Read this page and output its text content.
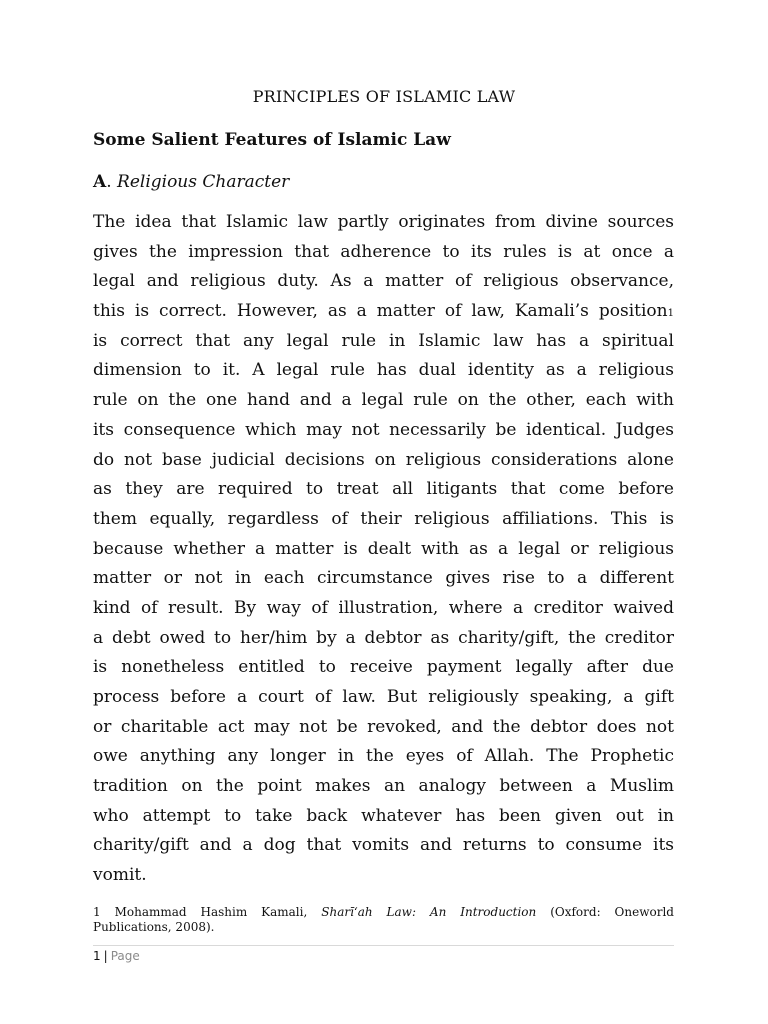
PRINCIPLES OF ISLAMIC LAW
Some Salient Features of Islamic Law
A. Religious Character
The idea that Islamic law partly originates from divine sources
gives the impression that adherence to its rules is at once a
legal and religious duty. As a matter of religious observance,
this is correct. However, as a matter of law, Kamali’s position$^1$
is correct that any legal rule in Islamic law has a spiritual
dimension to it. A legal rule has dual identity as a religious
rule on the one hand and a legal rule on the other, each with
its consequence which may not necessarily be identical. Judges
do not base judicial decisions on religious considerations alone
as they are required to treat all litigants that come before
them equally, regardless of their religious affiliations. This is
because whether a matter is dealt with as a legal or religious
matter or not in each circumstance gives rise to a different
kind of result. By way of illustration, where a creditor waived
a debt owed to her/him by a debtor as charity/gift, the creditor
is nonetheless entitled to receive payment legally after due
process before a court of law. But religiously speaking, a gift
or charitable act may not be revoked, and the debtor does not
owe anything any longer in the eyes of Allah. The Prophetic
tradition on the point makes an analogy between a Muslim
who attempt to take back whatever has been given out in
charity/gift and a dog that vomits and returns to consume its
vomit.
1 Mohammad Hashim Kamali, Sharī‘ah Law: An Introduction (Oxford: Oneworld
Publications, 2008).
1 | Page
